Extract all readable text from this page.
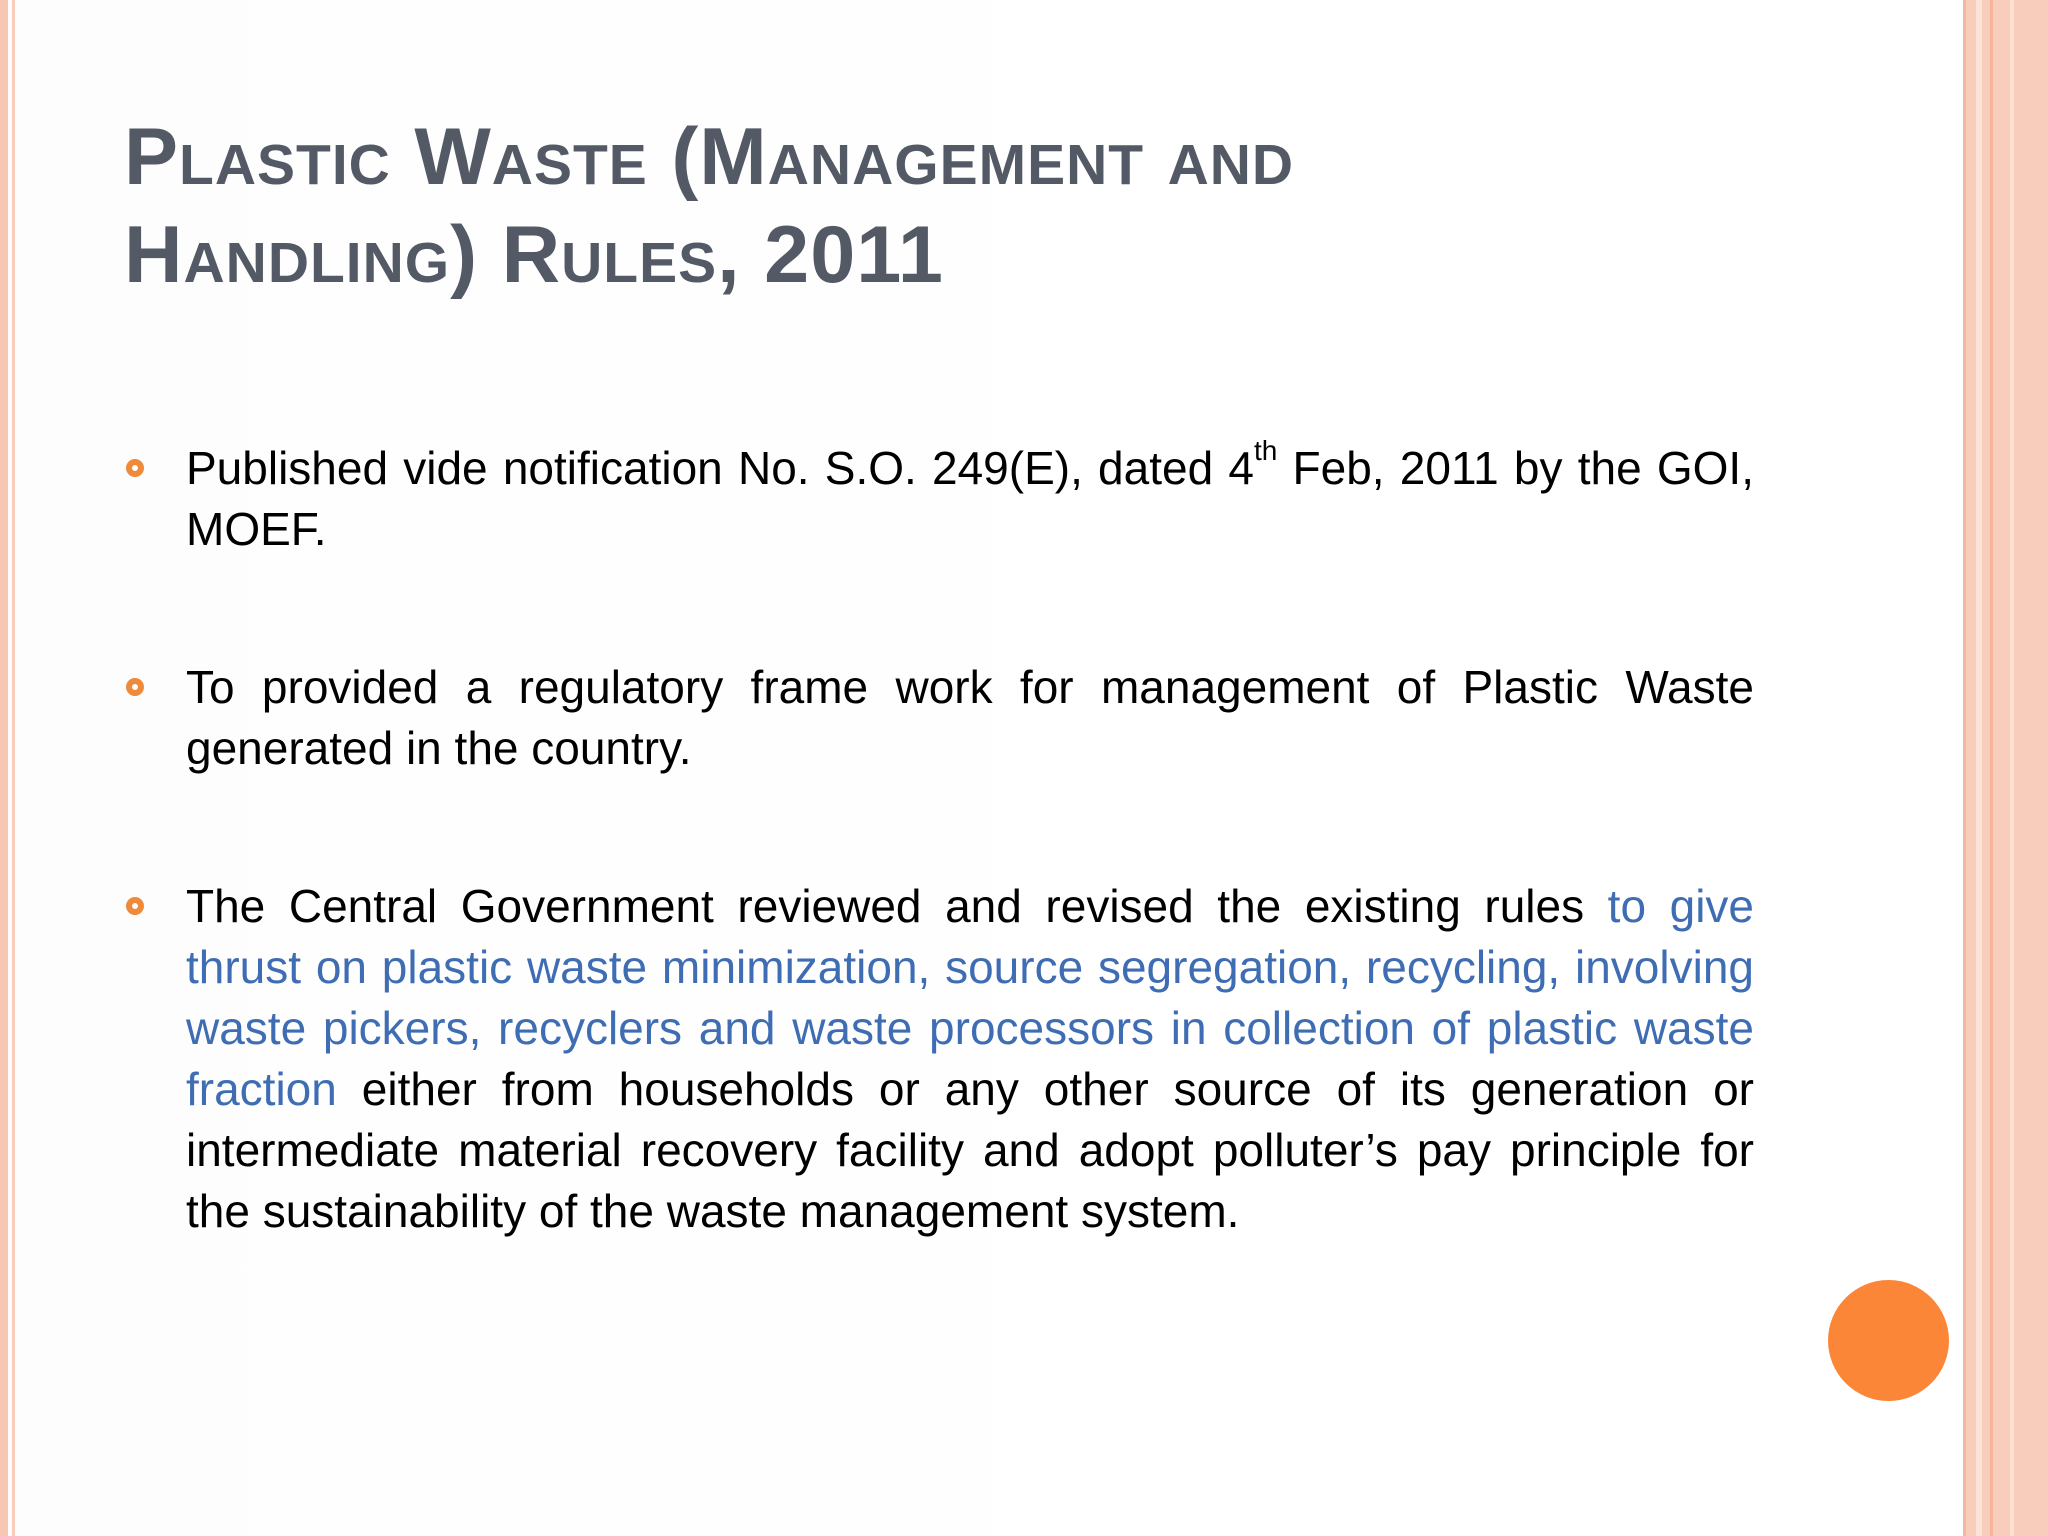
Plastic Waste (Management and
Handling) Rules, 2011
Published vide notification No. S.O. 249(E), dated 4th Feb, 2011 by the GOI, MOEF.
To provided a regulatory frame work for management of Plastic Waste generated in the country.
The Central Government reviewed and revised the existing rules to give thrust on plastic waste minimization, source segregation, recycling, involving waste pickers, recyclers and waste processors in collection of plastic waste fraction either from households or any other source of its generation or intermediate material recovery facility and adopt polluter’s pay principle for the sustainability of the waste management system.
